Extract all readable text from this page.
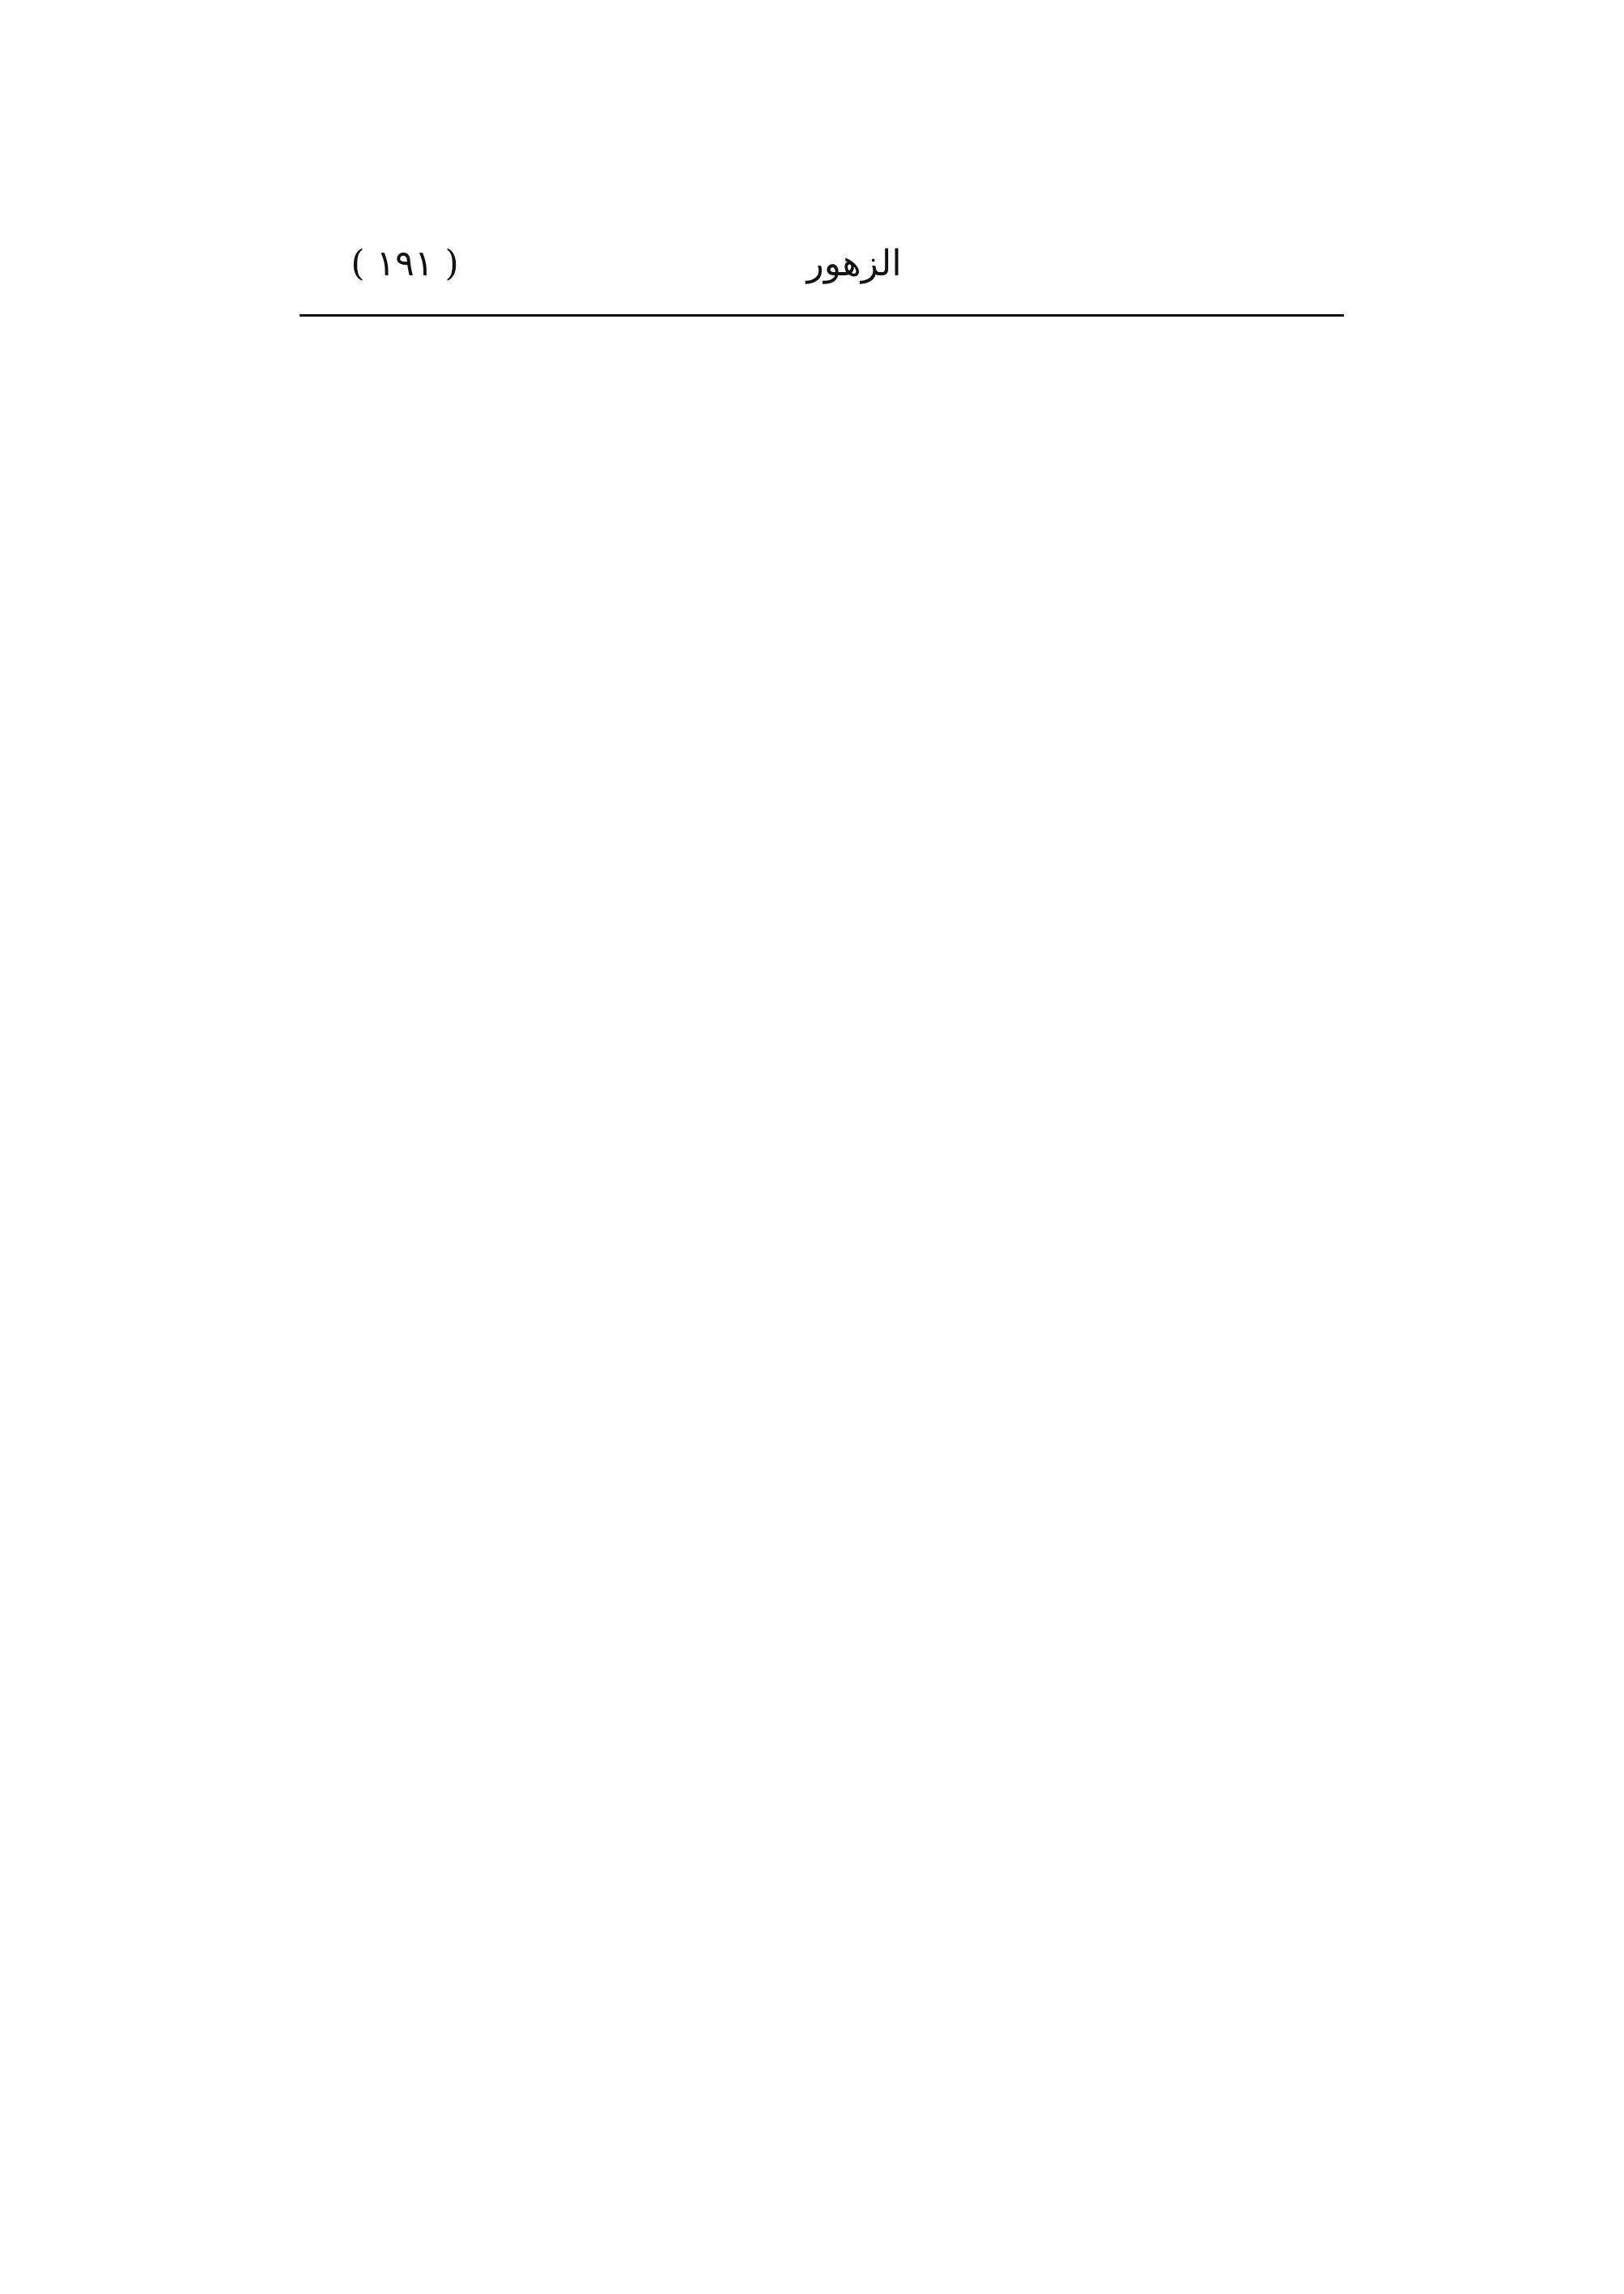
( ١٩١ )	الزهور
